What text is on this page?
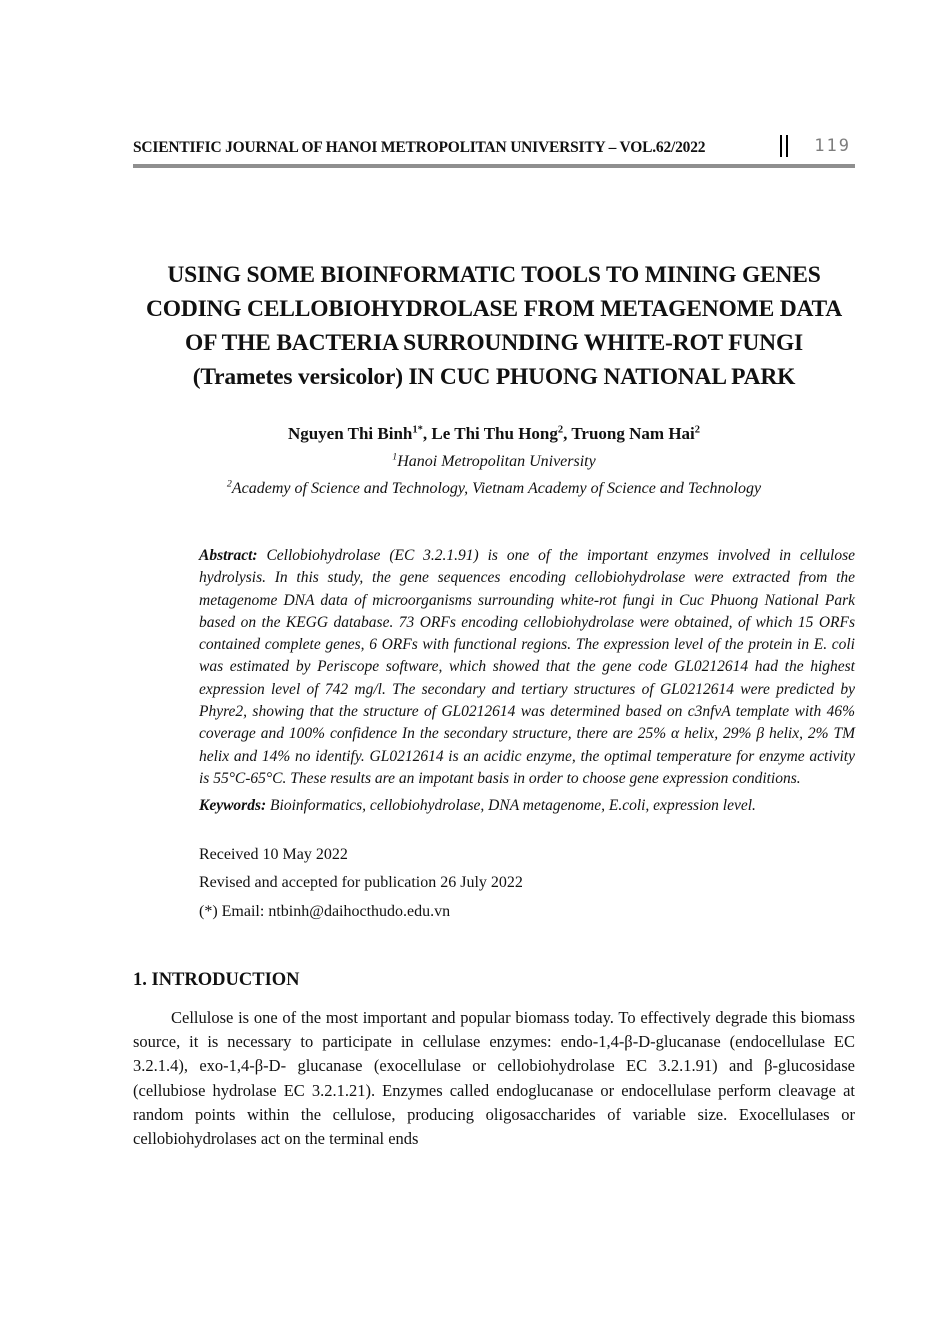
SCIENTIFIC JOURNAL OF HANOI METROPOLITAN UNIVERSITY – VOL.62/2022	119
USING SOME BIOINFORMATIC TOOLS TO MINING GENES
CODING CELLOBIOHYDROLASE FROM METAGENOME DATA
OF THE BACTERIA SURROUNDING WHITE-ROT FUNGI
(Trametes versicolor) IN CUC PHUONG NATIONAL PARK
Nguyen Thi Binh$^{1*}$, Le Thi Thu Hong$^2$, Truong Nam Hai$^2$
$^1$Hanoi Metropolitan University
$^2$Academy of Science and Technology, Vietnam Academy of Science and Technology

Abstract: Cellobiohydrolase (EC 3.2.1.91) is one of the important enzymes involved in cellulose hydrolysis. In this study, the gene sequences encoding cellobiohydrolase were extracted from the metagenome DNA data of microorganisms surrounding white-rot fungi in Cuc Phuong National Park based on the KEGG database. 73 ORFs encoding cellobiohydrolase were obtained, of which 15 ORFs contained complete genes, 6 ORFs with functional regions. The expression level of the protein in E. coli was estimated by Periscope software, which showed that the gene code GL0212614 had the highest expression level of 742 mg/l. The secondary and tertiary structures of GL0212614 were predicted by Phyre2, showing that the structure of GL0212614 was determined based on c3nfvA template with 46% coverage and 100% confidence In the secondary structure, there are 25% α helix, 29% β helix, 2% TM helix and 14% no identify. GL0212614 is an acidic enzyme, the optimal temperature for enzyme activity is 55°C-65°C. These results are an impotant basis in order to choose gene expression conditions.

Keywords: Bioinformatics, cellobiohydrolase, DNA metagenome, E.coli, expression level.

Received 10 May 2022

Revised and accepted for publication 26 July 2022

(*) Email: ntbinh@daihocthudo.edu.vn

1. INTRODUCTION

Cellulose is one of the most important and popular biomass today. To effectively degrade this biomass source, it is necessary to participate in cellulase enzymes: endo-1,4-β-D-glucanase (endocellulase EC 3.2.1.4), exo-1,4-β-D- glucanase (exocellulase or cellobiohydrolase EC 3.2.1.91) and β-glucosidase (cellubiose hydrolase EC 3.2.1.21). Enzymes called endoglucanase or endocellulase perform cleavage at random points within the cellulose, producing oligosaccharides of variable size. Exocellulases or cellobiohydrolases act on the terminal ends
